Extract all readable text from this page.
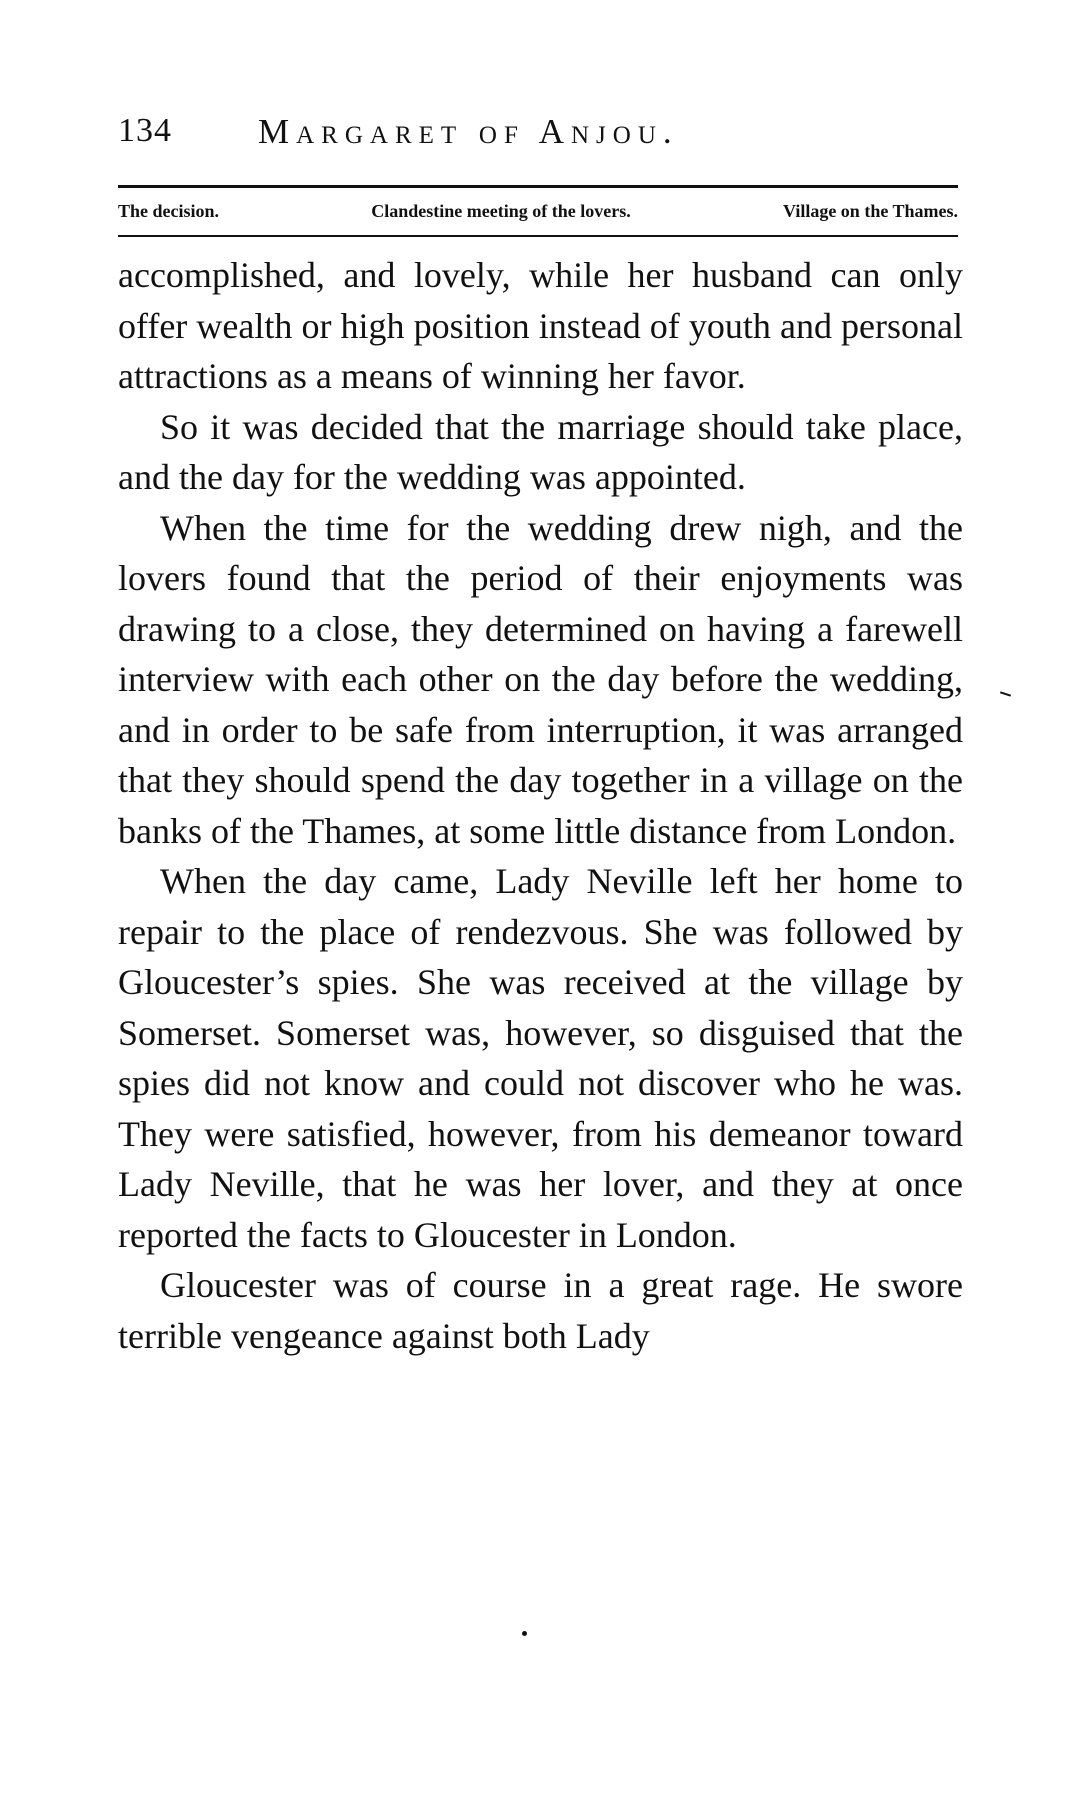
134 Margaret of Anjou.
The decision.	Clandestine meeting of the lovers.	Village on the Thames.

accomplished, and lovely, while her husband can only offer wealth or high position instead of youth and personal attractions as a means of winning her favor.

So it was decided that the marriage should take place, and the day for the wedding was appointed.

When the time for the wedding drew nigh, and the lovers found that the period of their enjoyments was drawing to a close, they determined on having a farewell interview with each other on the day before the wedding, and in order to be safe from interruption, it was arranged that they should spend the day together in a village on the banks of the Thames, at some little distance from London.

When the day came, Lady Neville left her home to repair to the place of rendezvous. She was followed by Gloucester’s spies. She was received at the village by Somerset. Somerset was, however, so disguised that the spies did not know and could not discover who he was. They were satisfied, however, from his demeanor toward Lady Neville, that he was her lover, and they at once reported the facts to Gloucester in London.

Gloucester was of course in a great rage. He swore terrible vengeance against both Lady
